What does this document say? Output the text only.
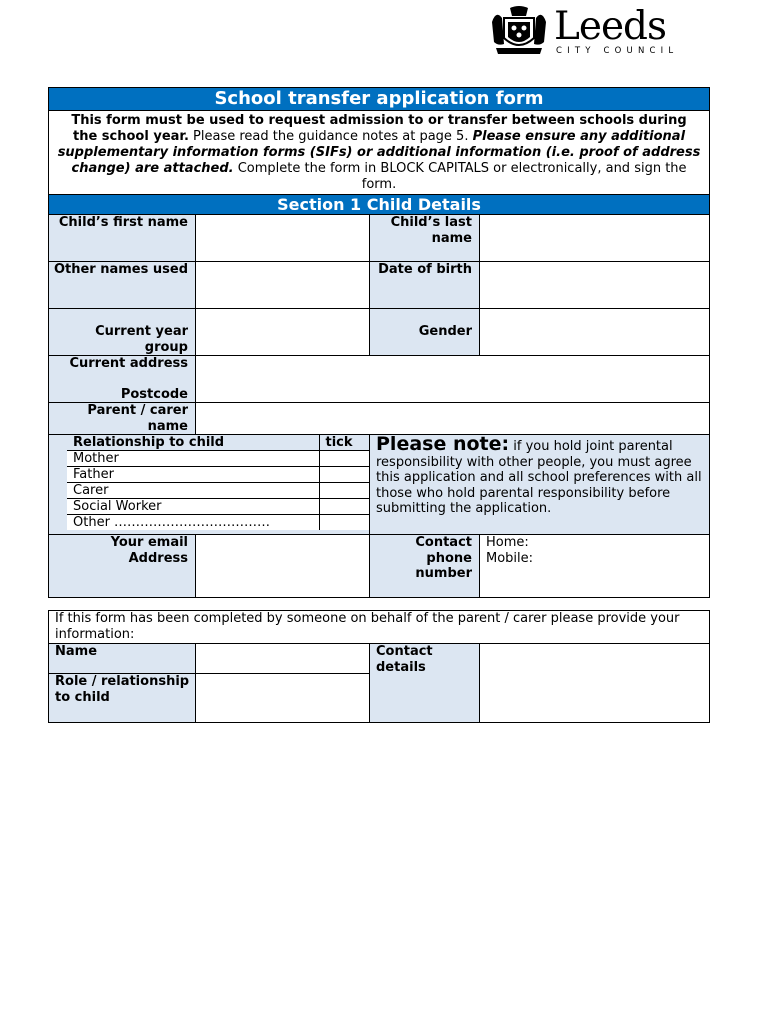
Leeds
CITY COUNCIL
School transfer application form
This form must be used to request admission to or transfer between schools during the school year. Please read the guidance notes at page 5. Please ensure any additional supplementary information forms (SIFs) or additional information (i.e. proof of address change) are attached. Complete the form in BLOCK CAPITALS or electronically, and sign the form.
Section 1 Child Details
Child’s first name		Child’s last name	
Other names used		Date of birth	
Current year group		Gender	

Current address
Postcode

Parent / carer name	

Relationship to child	tick
Mother	
Father	
Carer	
Social Worker	
Other ………………………………	
	Please note: if you hold joint parental responsibility with other people, you must agree this application and all school preferences with all those who hold parental responsibility before submitting the application.
Your email Address		Contact phone number	
Home:
Mobile:
If this form has been completed by someone on behalf of the parent / carer please provide your information:			
Name		Contact details	
Role / relationship to child			
